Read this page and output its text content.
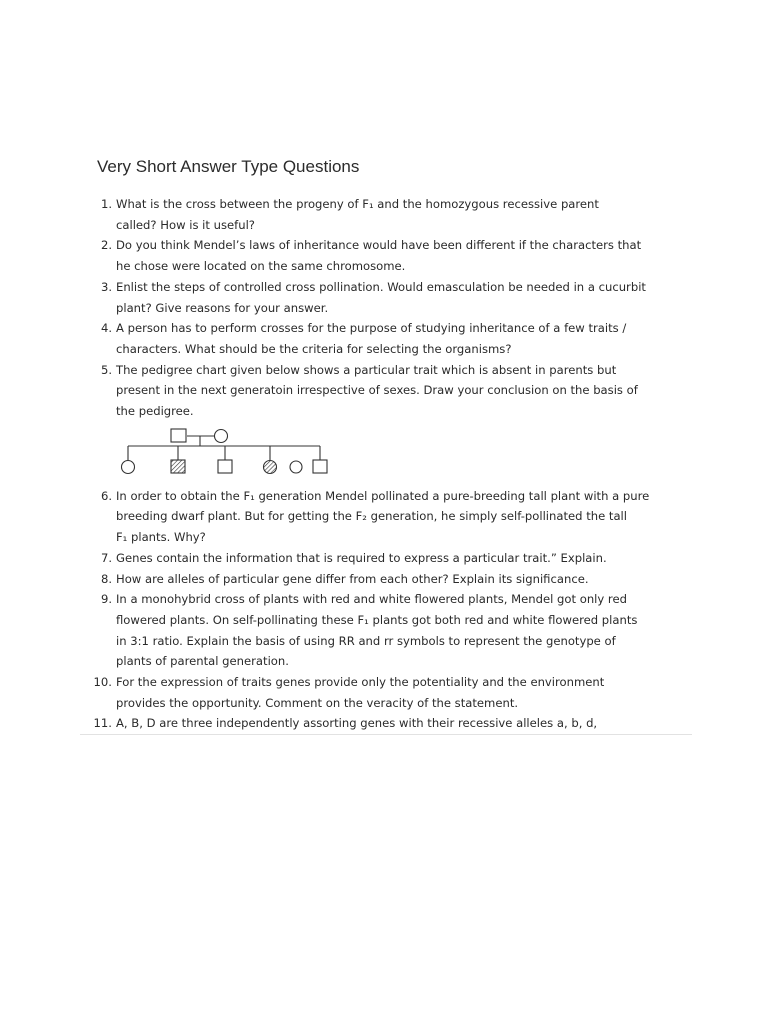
Very Short Answer Type Questions
1. What is the cross between the progeny of F₁ and the homozygous recessive parent
called? How is it useful?
2. Do you think Mendel’s laws of inheritance would have been different if the characters that
he chose were located on the same chromosome.
3. Enlist the steps of controlled cross pollination. Would emasculation be needed in a cucurbit
plant? Give reasons for your answer.
4. A person has to perform crosses for the purpose of studying inheritance of a few traits /
characters. What should be the criteria for selecting the organisms?
5. The pedigree chart given below shows a particular trait which is absent in parents but
present in the next generatoin irrespective of sexes. Draw your conclusion on the basis of
the pedigree.
6. In order to obtain the F₁ generation Mendel pollinated a pure-breeding tall plant with a pure
breeding dwarf plant. But for getting the F₂ generation, he simply self-pollinated the tall
F₁ plants. Why?
7. Genes contain the information that is required to express a particular trait.” Explain.
8. How are alleles of particular gene differ from each other? Explain its significance.
9. In a monohybrid cross of plants with red and white flowered plants, Mendel got only red
flowered plants. On self-pollinating these F₁ plants got both red and white flowered plants
in 3:1 ratio. Explain the basis of using RR and rr symbols to represent the genotype of
plants of parental generation.
10. For the expression of traits genes provide only the potentiality and the environment
provides the opportunity. Comment on the veracity of the statement.
11. A, B, D are three independently assorting genes with their recessive alleles a, b, d,
